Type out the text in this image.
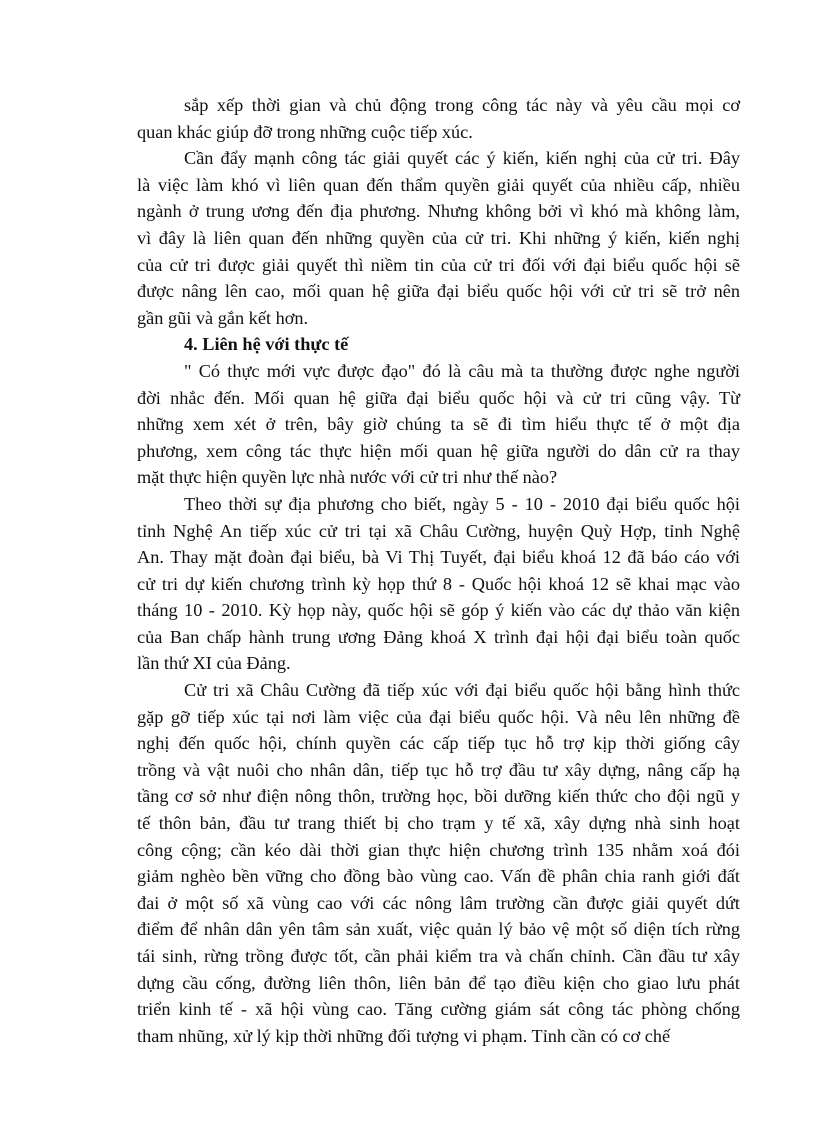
sắp xếp thời gian và chủ động trong công tác này và yêu cầu mọi cơ
quan khác giúp đỡ trong những cuộc tiếp xúc.
Cần đẩy mạnh công tác giải quyết các ý kiến, kiến nghị của cử tri. Đây
là việc làm khó vì liên quan đến thẩm quyền giải quyết của nhiều cấp, nhiều
ngành ở trung ương đến địa phương. Nhưng không bởi vì khó mà không làm,
vì đây là liên quan đến những quyền của cử tri. Khi những ý kiến, kiến nghị
của cử tri được giải quyết thì niềm tin của cử tri đối với đại biểu quốc hội sẽ
được nâng lên cao, mối quan hệ giữa đại biểu quốc hội với cử tri sẽ trở nên
gần gũi và gắn kết hơn.
4. Liên hệ với thực tế
" Có thực mới vực được đạo" đó là câu mà ta thường được nghe người
đời nhắc đến. Mối quan hệ giữa đại biểu quốc hội và cử tri cũng vậy. Từ
những xem xét ở trên, bây giờ chúng ta sẽ đi tìm hiểu thực tế ở một địa
phương, xem công tác thực hiện mối quan hệ giữa người do dân cử ra thay
mặt thực hiện quyền lực nhà nước với cử tri như thế nào?
Theo thời sự địa phương cho biết, ngày 5 - 10 - 2010 đại biểu quốc hội
tỉnh Nghệ An tiếp xúc cử tri tại xã Châu Cường, huyện Quỳ Hợp, tỉnh Nghệ
An. Thay mặt đoàn đại biểu, bà Vi Thị Tuyết, đại biểu khoá 12 đã báo cáo với
cử tri dự kiến chương trình kỳ họp thứ 8 - Quốc hội khoá 12 sẽ khai mạc vào
tháng 10 - 2010. Kỳ họp này, quốc hội sẽ góp ý kiến vào các dự thảo văn kiện
của Ban chấp hành trung ương Đảng khoá X trình đại hội đại biểu toàn quốc
lần thứ XI của Đảng.
Cử tri xã Châu Cường đã tiếp xúc với đại biểu quốc hội bằng hình thức
gặp gỡ tiếp xúc tại nơi làm việc của đại biểu quốc hội. Và nêu lên những đề
nghị đến quốc hội, chính quyền các cấp tiếp tục hỗ trợ kịp thời giống cây
trồng và vật nuôi cho nhân dân, tiếp tục hỗ trợ đầu tư xây dựng, nâng cấp hạ
tầng cơ sở như điện nông thôn, trường học, bồi dưỡng kiến thức cho đội ngũ y
tế thôn bản, đầu tư trang thiết bị cho trạm y tế xã, xây dựng nhà sinh hoạt
công cộng; cần kéo dài thời gian thực hiện chương trình 135 nhằm xoá đói
giảm nghèo bền vững cho đồng bào vùng cao. Vấn đề phân chia ranh giới đất
đai ở một số xã vùng cao với các nông lâm trường cần được giải quyết dứt
điểm để nhân dân yên tâm sản xuất, việc quản lý bảo vệ một số diện tích rừng
tái sinh, rừng trồng được tốt, cần phải kiểm tra và chấn chỉnh. Cần đầu tư xây
dựng cầu cống, đường liên thôn, liên bản để tạo điều kiện cho giao lưu phát
triển kinh tế - xã hội vùng cao. Tăng cường giám sát công tác phòng chống
tham nhũng, xử lý kịp thời những đối tượng vi phạm. Tỉnh cần có cơ chế
